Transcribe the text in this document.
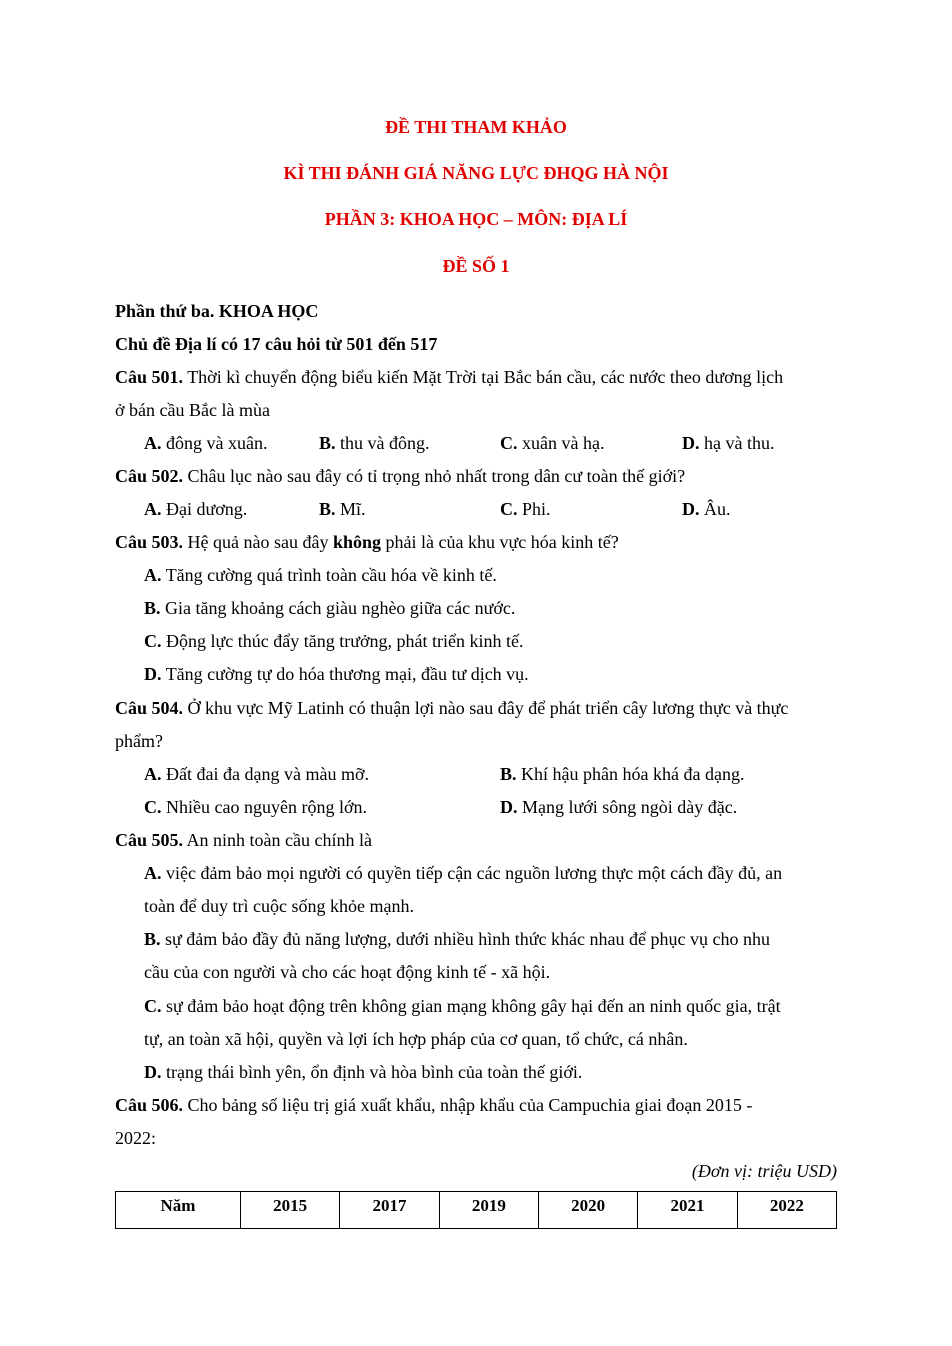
ĐỀ THI THAM KHẢO
KÌ THI ĐÁNH GIÁ NĂNG LỰC ĐHQG HÀ NỘI
PHẦN 3: KHOA HỌC – MÔN: ĐỊA LÍ
ĐỀ SỐ 1
Phần thứ ba. KHOA HỌC
Chủ đề Địa lí có 17 câu hỏi từ 501 đến 517
Câu 501. Thời kì chuyển động biểu kiến Mặt Trời tại Bắc bán cầu, các nước theo dương lịch
ở bán cầu Bắc là mùa
A. đông và xuân.	B. thu và đông.	C. xuân và hạ.	D. hạ và thu.
Câu 502. Châu lục nào sau đây có tỉ trọng nhỏ nhất trong dân cư toàn thế giới?
A. Đại dương.	B. Mĩ.	C. Phi.	D. Âu.
Câu 503. Hệ quả nào sau đây không phải là của khu vực hóa kinh tế?
A. Tăng cường quá trình toàn cầu hóa về kinh tế.
B. Gia tăng khoảng cách giàu nghèo giữa các nước.
C. Động lực thúc đẩy tăng trưởng, phát triển kinh tế.
D. Tăng cường tự do hóa thương mại, đầu tư dịch vụ.
Câu 504. Ở khu vực Mỹ Latinh có thuận lợi nào sau đây để phát triển cây lương thực và thực
phẩm?
A. Đất đai đa dạng và màu mỡ.	B. Khí hậu phân hóa khá đa dạng.
C. Nhiều cao nguyên rộng lớn.	D. Mạng lưới sông ngòi dày đặc.
Câu 505. An ninh toàn cầu chính là
A. việc đảm bảo mọi người có quyền tiếp cận các nguồn lương thực một cách đầy đủ, an
toàn để duy trì cuộc sống khỏe mạnh.
B. sự đảm bảo đầy đủ năng lượng, dưới nhiều hình thức khác nhau để phục vụ cho nhu
cầu của con người và cho các hoạt động kinh tế - xã hội.
C. sự đảm bảo hoạt động trên không gian mạng không gây hại đến an ninh quốc gia, trật
tự, an toàn xã hội, quyền và lợi ích hợp pháp của cơ quan, tổ chức, cá nhân.
D. trạng thái bình yên, ổn định và hòa bình của toàn thế giới.
Câu 506. Cho bảng số liệu trị giá xuất khẩu, nhập khẩu của Campuchia giai đoạn 2015 -
2022:
(Đơn vị: triệu USD)
Năm	2015	2017	2019	2020	2021	2022
